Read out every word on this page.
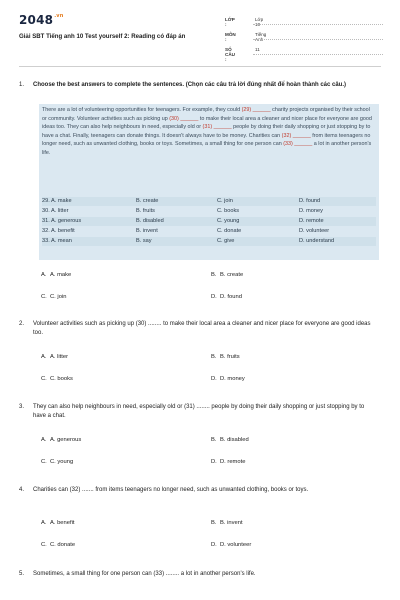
$2048^{.vn}$
Giải SBT Tiếng anh 10 Test yourself 2: Reading có đáp án
LỚP :
Lớp 10
MÔN :
Tiếng Anh
SỐ CÂU :
11
1. Choose the best answers to complete the sentences. (Chọn các câu trả lời đúng nhất để hoàn thành các câu.)

There are a lot of volunteering opportunities for teenagers. For example, they could (29) ______ charity projects organised by their school or community. Volunteer activities such as picking up (30) ______ to make their local area a cleaner and nicer place for everyone are good ideas too. They can also help neighbours in need, especially old or (31) ______ people by doing their daily shopping or just stopping by to have a chat. Finally, teenagers can donate things. It doesn't always have to be money. Charities can (32) ______ from items teenagers no longer need, such as unwanted clothing, books or toys. Sometimes, a small thing for one person can (33) ______ a lot in another person's life.

29. A. make	B. create	C. join	D. found
30. A. litter	B. fruits	C. books	D. money
31. A. generous	B. disabled	C. young	D. remote
32. A. benefit	B. invent	C. donate	D. volunteer
33. A. mean	B. say	C. give	D. understand
A. A. make	B. B. create
C. C. join	D. D. found
2. Volunteer activities such as picking up (30) ........ to make their local area a cleaner and nicer place for everyone are good ideas too.
A. A. litter	B. B. fruits
C. C. books	D. D. money
3. They can also help neighbours in need, especially old or (31) ........ people by doing their daily shopping or just stopping by to have a chat.
A. A. generous	B. B. disabled
C. C. young	D. D. remote
4. Charities can (32) ....... from items teenagers no longer need, such as unwanted clothing, books or toys.
A. A. benefit	B. B. invent
C. C. donate	D. D. volunteer
5. Sometimes, a small thing for one person can (33) ........ a lot in another person's life.
